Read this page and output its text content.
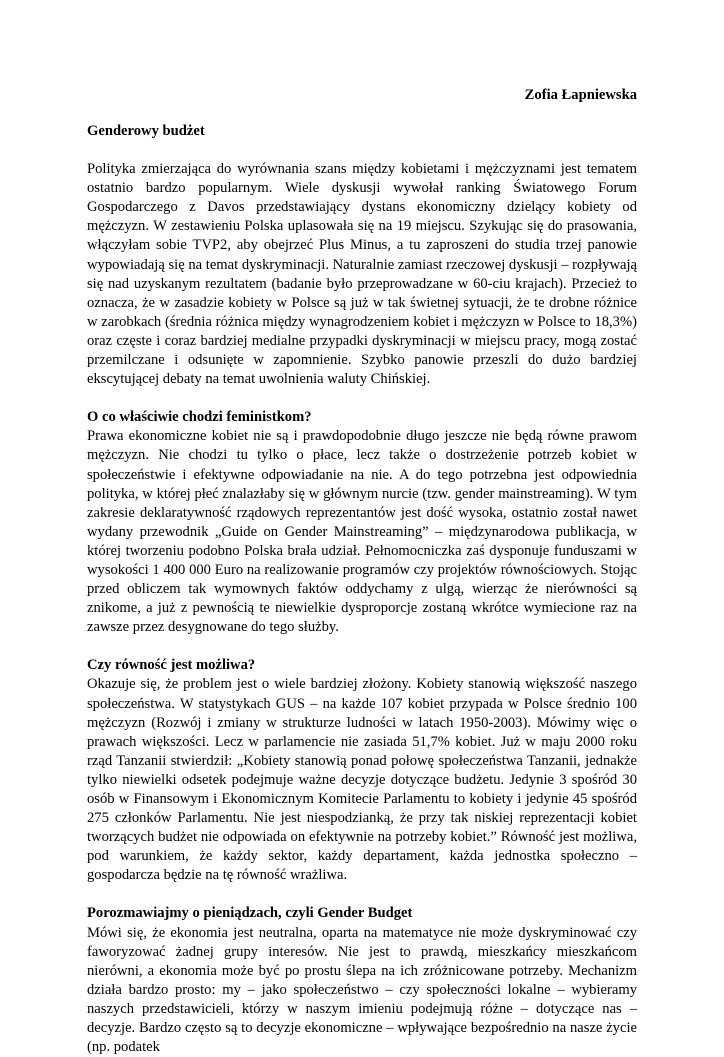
Zofia Łapniewska
Genderowy budżet

Polityka zmierzająca do wyrównania szans między kobietami i mężczyznami jest tematem ostatnio bardzo popularnym. Wiele dyskusji wywołał ranking Światowego Forum Gospodarczego z Davos przedstawiający dystans ekonomiczny dzielący kobiety od mężczyzn. W zestawieniu Polska uplasowała się na 19 miejscu. Szykując się do prasowania, włączyłam sobie TVP2, aby obejrzeć Plus Minus, a tu zaproszeni do studia trzej panowie wypowiadają się na temat dyskryminacji. Naturalnie zamiast rzeczowej dyskusji – rozpływają się nad uzyskanym rezultatem (badanie było przeprowadzane w 60-ciu krajach). Przecież to oznacza, że w zasadzie kobiety w Polsce są już w tak świetnej sytuacji, że te drobne różnice w zarobkach (średnia różnica między wynagrodzeniem kobiet i mężczyzn w Polsce to 18,3%) oraz częste i coraz bardziej medialne przypadki dyskryminacji w miejscu pracy, mogą zostać przemilczane i odsunięte w zapomnienie. Szybko panowie przeszli do dużo bardziej ekscytującej debaty na temat uwolnienia waluty Chińskiej.

O co właściwie chodzi feministkom?

Prawa ekonomiczne kobiet nie są i prawdopodobnie długo jeszcze nie będą równe prawom mężczyzn. Nie chodzi tu tylko o płace, lecz także o dostrzeżenie potrzeb kobiet w społeczeństwie i efektywne odpowiadanie na nie. A do tego potrzebna jest odpowiednia polityka, w której płeć znalazłaby się w głównym nurcie (tzw. gender mainstreaming). W tym zakresie deklaratywność rządowych reprezentantów jest dość wysoka, ostatnio został nawet wydany przewodnik „Guide on Gender Mainstreaming” – międzynarodowa publikacja, w której tworzeniu podobno Polska brała udział. Pełnomocniczka zaś dysponuje funduszami w wysokości 1 400 000 Euro na realizowanie programów czy projektów równościowych. Stojąc przed obliczem tak wymownych faktów oddychamy z ulgą, wierząc że nierówności są znikome, a już z pewnością te niewielkie dysproporcje zostaną wkrótce wymiecione raz na zawsze przez desygnowane do tego służby.

Czy równość jest możliwa?

Okazuje się, że problem jest o wiele bardziej złożony. Kobiety stanowią większość naszego społeczeństwa. W statystykach GUS – na każde 107 kobiet przypada w Polsce średnio 100 mężczyzn (Rozwój i zmiany w strukturze ludności w latach 1950-2003). Mówimy więc o prawach większości. Lecz w parlamencie nie zasiada 51,7% kobiet. Już w maju 2000 roku rząd Tanzanii stwierdził: „Kobiety stanowią ponad połowę społeczeństwa Tanzanii, jednakże tylko niewielki odsetek podejmuje ważne decyzje dotyczące budżetu. Jedynie 3 spośród 30 osób w Finansowym i Ekonomicznym Komitecie Parlamentu to kobiety i jedynie 45 spośród 275 członków Parlamentu. Nie jest niespodzianką, że przy tak niskiej reprezentacji kobiet tworzących budżet nie odpowiada on efektywnie na potrzeby kobiet.” Równość jest możliwa, pod warunkiem, że każdy sektor, każdy departament, każda jednostka społeczno – gospodarcza będzie na tę równość wrażliwa.

Porozmawiajmy o pieniądzach, czyli Gender Budget

Mówi się, że ekonomia jest neutralna, oparta na matematyce nie może dyskryminować czy faworyzować żadnej grupy interesów. Nie jest to prawdą, mieszkańcy mieszkańcom nierówni, a ekonomia może być po prostu ślepa na ich zróżnicowane potrzeby. Mechanizm działa bardzo prosto: my – jako społeczeństwo – czy społeczności lokalne – wybieramy naszych przedstawicieli, którzy w naszym imieniu podejmują różne – dotyczące nas – decyzje. Bardzo często są to decyzje ekonomiczne – wpływające bezpośrednio na nasze życie (np. podatek
